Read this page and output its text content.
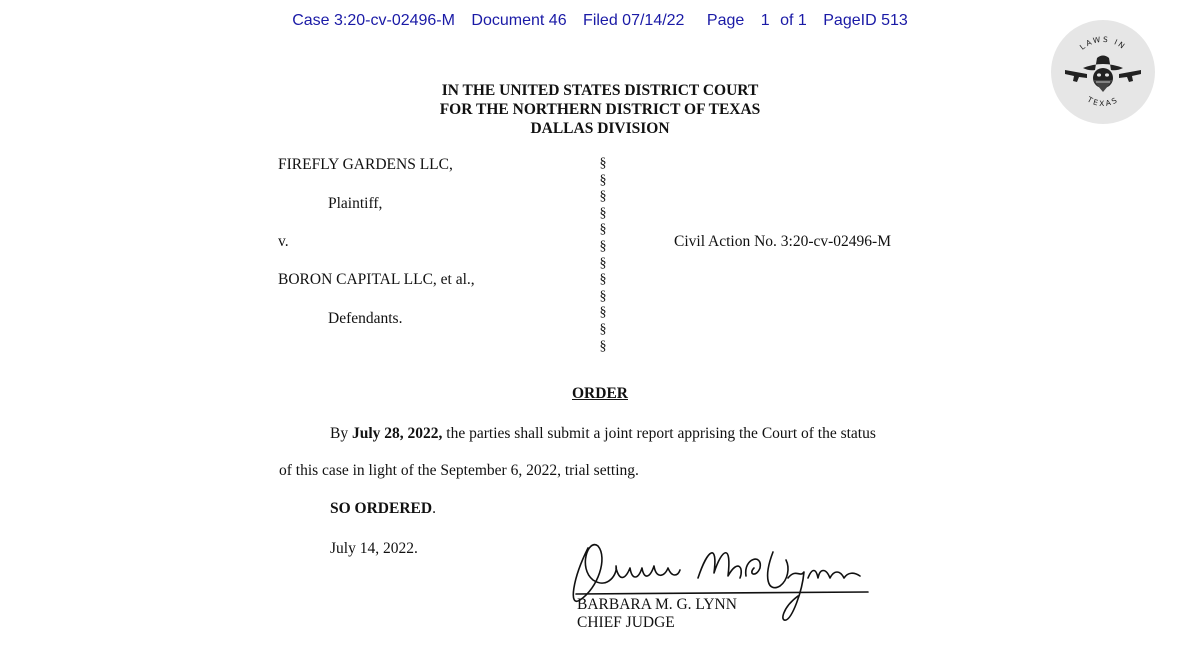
Case 3:20-cv-02496-M Document 46 Filed 07/14/22 Page 1 of 1 PageID 513
LAWS IN
TEXAS
IN THE UNITED STATES DISTRICT COURT
FOR THE NORTHERN DISTRICT OF TEXAS
DALLAS DIVISION
FIREFLY GARDENS LLC,
Plaintiff,
v.
BORON CAPITAL LLC, et al.,
Defendants.
Civil Action No. 3:20-cv-02496-M
§
§
§
§
§
§
§
§
§
§
§
§
ORDER
By July 28, 2022, the parties shall submit a joint report apprising the Court of the status
of this case in light of the September 6, 2022, trial setting.
SO ORDERED.
July 14, 2022.
BARBARA M. G. LYNN
CHIEF JUDGE
